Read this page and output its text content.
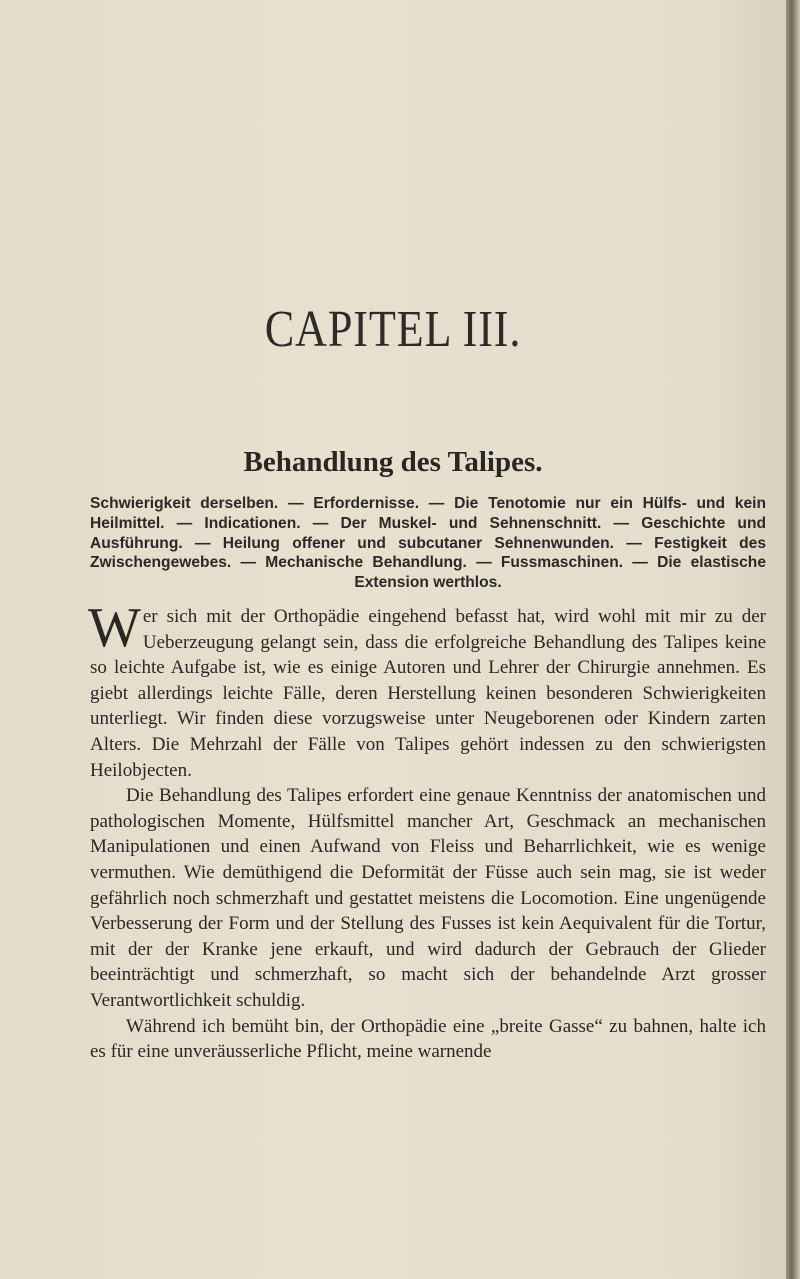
CAPITEL III.
Behandlung des Talipes.
Schwierigkeit derselben. — Erfordernisse. — Die Tenotomie nur ein Hülfs- und kein Heilmittel. — Indicationen. — Der Muskel- und Sehnenschnitt. — Geschichte und Ausführung. — Heilung offener und subcutaner Sehnenwunden. — Festigkeit des Zwischengewebes. — Mechanische Behandlung. — Fussmaschinen. — Die elastische Extension werthlos.

W er sich mit der Orthopädie eingehend befasst hat, wird wohl mit mir zu der Ueberzeugung gelangt sein, dass die erfolgreiche Behandlung des Talipes keine so leichte Aufgabe ist, wie es einige Autoren und Lehrer der Chirurgie annehmen. Es giebt allerdings leichte Fälle, deren Herstellung keinen besonderen Schwierigkeiten unterliegt. Wir finden diese vorzugsweise unter Neugeborenen oder Kindern zarten Alters. Die Mehrzahl der Fälle von Talipes gehört indessen zu den schwierigsten Heilobjecten.

Die Behandlung des Talipes erfordert eine genaue Kenntniss der anatomischen und pathologischen Momente, Hülfsmittel mancher Art, Geschmack an mechanischen Manipulationen und einen Aufwand von Fleiss und Beharrlichkeit, wie es wenige vermuthen. Wie demüthigend die Deformität der Füsse auch sein mag, sie ist weder gefährlich noch schmerzhaft und gestattet meistens die Locomotion. Eine ungenügende Verbesserung der Form und der Stellung des Fusses ist kein Aequivalent für die Tortur, mit der der Kranke jene erkauft, und wird dadurch der Gebrauch der Glieder beeinträchtigt und schmerzhaft, so macht sich der behandelnde Arzt grosser Verantwortlichkeit schuldig.

Während ich bemüht bin, der Orthopädie eine „breite Gasse“ zu bahnen, halte ich es für eine unveräusserliche Pflicht, meine warnende
